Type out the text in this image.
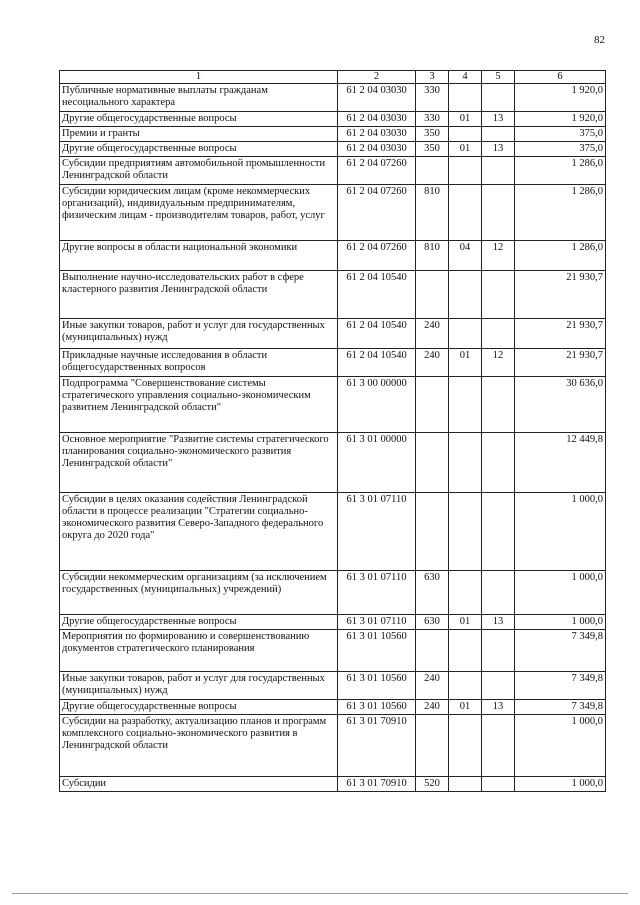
82
1	2	3	4	5	6
Публичные нормативные выплаты гражданам несоциального характера	61 2 04 03030	330			1 920,0
Другие общегосударственные вопросы	61 2 04 03030	330	01	13	1 920,0
Премии и гранты	61 2 04 03030	350			375,0
Другие общегосударственные вопросы	61 2 04 03030	350	01	13	375,0
Субсидии предприятиям автомобильной промышленности Ленинградской области	61 2 04 07260				1 286,0
Субсидии юридическим лицам (кроме некоммерческих организаций), индивидуальным предпринимателям, физическим лицам - производителям товаров, работ, услуг	61 2 04 07260	810			1 286,0
Другие вопросы в области национальной экономики	61 2 04 07260	810	04	12	1 286,0
Выполнение научно-исследовательских работ в сфере кластерного развития Ленинградской области	61 2 04 10540				21 930,7
Иные закупки товаров, работ и услуг для государственных (муниципальных) нужд	61 2 04 10540	240			21 930,7
Прикладные научные исследования в области общегосударственных вопросов	61 2 04 10540	240	01	12	21 930,7
Подпрограмма "Совершенствование системы стратегического управления социально-экономическим развитием Ленинградской области"	61 3 00 00000				30 636,0
Основное мероприятие "Развитие системы стратегического планирования социально-экономического развития Ленинградской области"	61 3 01 00000				12 449,8
Субсидии в целях оказания содействия Ленинградской области в процессе реализации "Стратегии социально-экономического развития Северо-Западного федерального округа до 2020 года"	61 3 01 07110				1 000,0
Субсидии некоммерческим организациям (за исключением государственных (муниципальных) учреждений)	61 3 01 07110	630			1 000,0
Другие общегосударственные вопросы	61 3 01 07110	630	01	13	1 000,0
Мероприятия по формированию и совершенствованию документов стратегического планирования	61 3 01 10560				7 349,8
Иные закупки товаров, работ и услуг для государственных (муниципальных) нужд	61 3 01 10560	240			7 349,8
Другие общегосударственные вопросы	61 3 01 10560	240	01	13	7 349,8
Субсидии на разработку, актуализацию планов и программ комплексного социально-экономического развития в Ленинградской области	61 3 01 70910				1 000,0
Субсидии	61 3 01 70910	520			1 000,0
